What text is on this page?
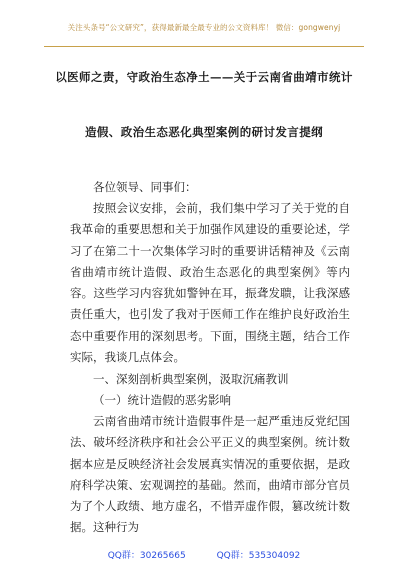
关注头条号“公文研究”，获得最新最全最专业的公文资料库！ 微信：gongwenyj
以医师之责，守政治生态净土——关于云南省曲靖市统计
造假、政治生态恶化典型案例的研讨发言提纲

各位领导、同事们：

按照会议安排，会前，我们集中学习了关于党的自我革命的重要思想和关于加强作风建设的重要论述，学习了在第二十一次集体学习时的重要讲话精神及《云南省曲靖市统计造假、政治生态恶化的典型案例》等内容。这些学习内容犹如警钟在耳，振聋发聩，让我深感责任重大，也引发了我对于医师工作在维护良好政治生态中重要作用的深刻思考。下面，围绕主题，结合工作实际，我谈几点体会。

一、深刻剖析典型案例，汲取沉痛教训

（一）统计造假的恶劣影响

云南省曲靖市统计造假事件是一起严重违反党纪国法、破坏经济秩序和社会公平正义的典型案例。统计数据本应是反映经济社会发展真实情况的重要依据，是政府科学决策、宏观调控的基础。然而，曲靖市部分官员为了个人政绩、地方虚名，不惜弄虚作假，篡改统计数据。这种行为

QQ群：30265665	QQ群：535304092
